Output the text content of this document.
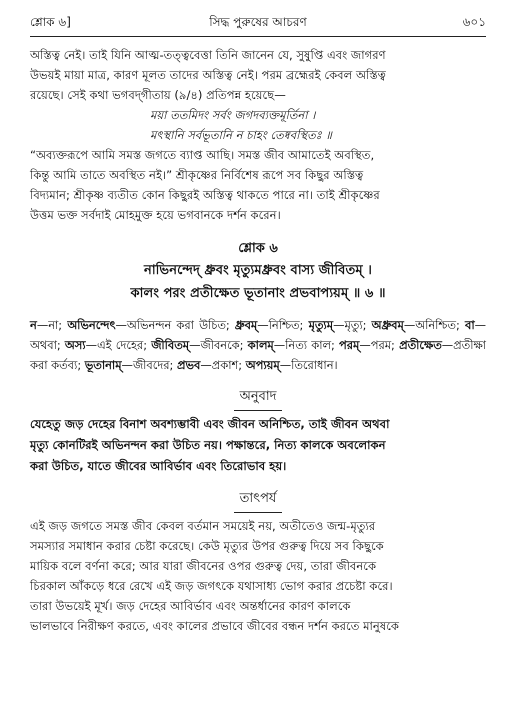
শ্লোক ৬]	সিদ্ধ পুরুষের আচরণ	৬০১

অস্তিত্ব নেই। তাই যিনি আত্ম-তত্ত্ববেত্তা তিনি জানেন যে, সুষুপ্তি এবং জাগরণ

উভয়ই মায়া মাত্র, কারণ মূলত তাদের অস্তিত্ব নেই। পরম ব্রহ্মেরই কেবল অস্তিত্ব

রয়েছে। সেই কথা ভগবদ্‌গীতায় (৯/৪) প্রতিপন্ন হয়েছে—

ময়া ততমিদং সর্বং জগদব্যক্তমূর্তিনা ।

মৎস্থানি সর্বভূতানি ন চাহং তেষ্ববস্থিতঃ ॥

“অব্যক্তরূপে আমি সমস্ত জগতে ব্যাপ্ত আছি। সমস্ত জীব আমাতেই অবস্থিত,

কিন্তু আমি তাতে অবস্থিত নই।” শ্রীকৃষ্ণের নির্বিশেষ রূপে সব কিছুর অস্তিত্ব

বিদ্যমান; শ্রীকৃষ্ণ ব্যতীত কোন কিছুরই অস্তিত্ব থাকতে পারে না। তাই শ্রীকৃষ্ণের

উত্তম ভক্ত সর্বদাই মোহমুক্ত হয়ে ভগবানকে দর্শন করেন।

শ্লোক ৬
নাভিনন্দেদ্‌ ধ্রুবং মৃত্যুমধ্রুবং বাস্য জীবিতম্‌ ।
কালং পরং প্রতীক্ষেত ভূতানাং প্রভবাপ্যয়ম্‌ ॥ ৬ ॥
ন—না; অভিনন্দেৎ—অভিনন্দন করা উচিত; ধ্রুবম্‌—নিশ্চিত; মৃত্যুম্‌—মৃত্যু; অধ্রুবম্‌—অনিশ্চিত; বা—অথবা; অস্য—এই দেহের; জীবিতম্‌—জীবনকে; কালম্‌—নিত্য কাল; পরম্‌—পরম; প্রতীক্ষেত—প্রতীক্ষা করা কর্তব্য; ভূতানাম্‌—জীবদের; প্রভব—প্রকাশ; অপ্যয়ম্‌—তিরোধান।
অনুবাদ

যেহেতু জড় দেহের বিনাশ অবশ্যম্ভাবী এবং জীবন অনিশ্চিত, তাই জীবন অথবা

মৃত্যু কোনটিরই অভিনন্দন করা উচিত নয়। পক্ষান্তরে, নিত্য কালকে অবলোকন

করা উচিত, যাতে জীবের আবির্ভাব এবং তিরোভাব হয়।

তাৎপর্য

এই জড় জগতে সমস্ত জীব কেবল বর্তমান সময়েই নয়, অতীতেও জন্ম-মৃত্যুর

সমস্যার সমাধান করার চেষ্টা করেছে। কেউ মৃত্যুর উপর গুরুত্ব দিয়ে সব কিছুকে

মায়িক বলে বর্ণনা করে; আর যারা জীবনের ওপর গুরুত্ব দেয়, তারা জীবনকে

চিরকাল আঁকড়ে ধরে রেখে এই জড় জগৎকে যথাসাধ্য ভোগ করার প্রচেষ্টা করে।

তারা উভয়েই মূর্খ। জড় দেহের আবির্ভাব এবং অন্তর্ধানের কারণ কালকে

ভালভাবে নিরীক্ষণ করতে, এবং কালের প্রভাবে জীবের বন্ধন দর্শন করতে মানুষকে
